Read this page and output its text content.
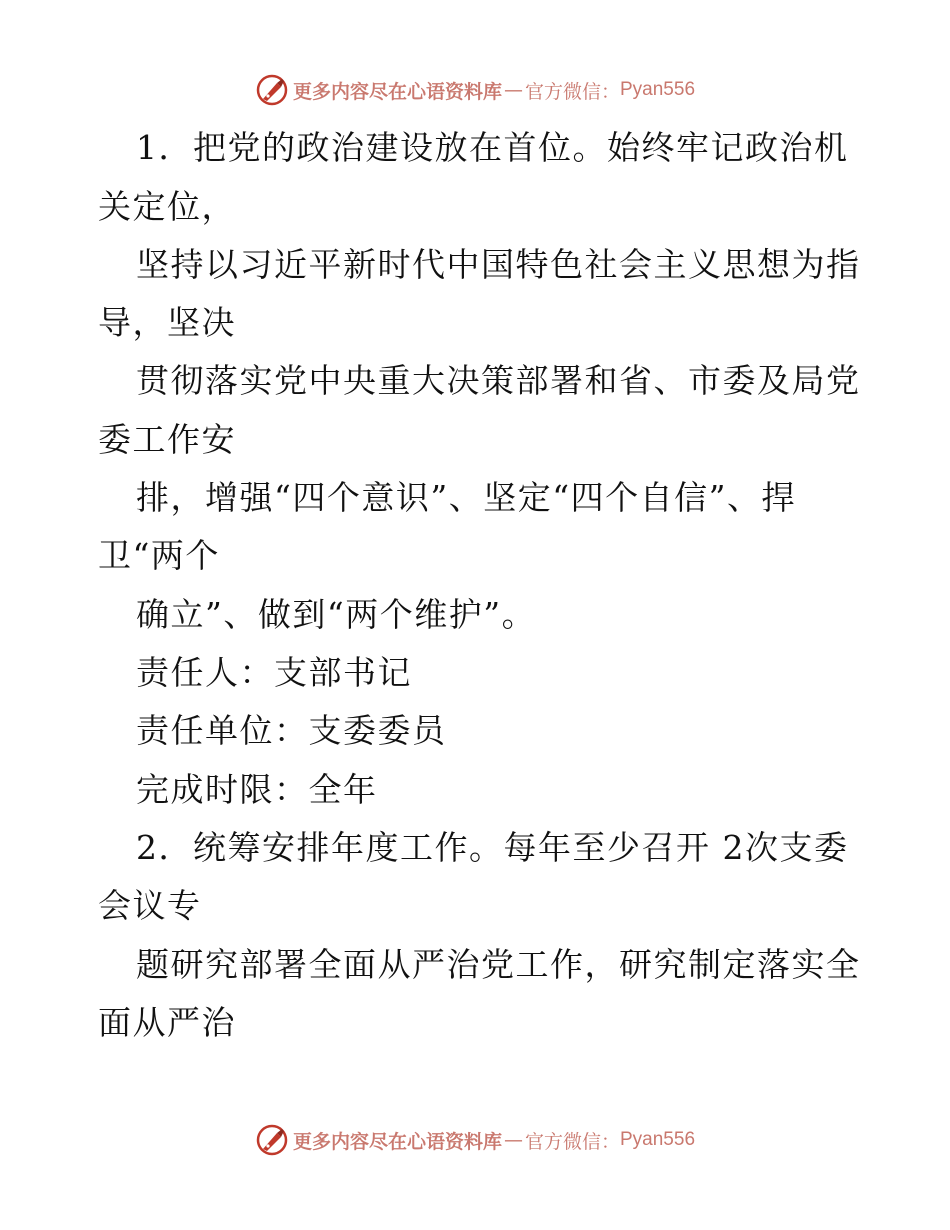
更多内容尽在心语资料库 — 官方微信： Pyan556
1．把党的政治建设放在首位。始终牢记政治机
关定位，
坚持以习近平新时代中国特色社会主义思想为指
导，坚决
贯彻落实党中央重大决策部署和省、市委及局党
委工作安
排，增强“四个意识”、坚定“四个自信”、捍
卫“两个
确立”、做到“两个维护”。
责任人：支部书记
责任单位：支委委员
完成时限：全年
2．统筹安排年度工作。每年至少召开 2次支委
会议专
题研究部署全面从严治党工作，研究制定落实全
面从严治
更多内容尽在心语资料库 — 官方微信： Pyan556
